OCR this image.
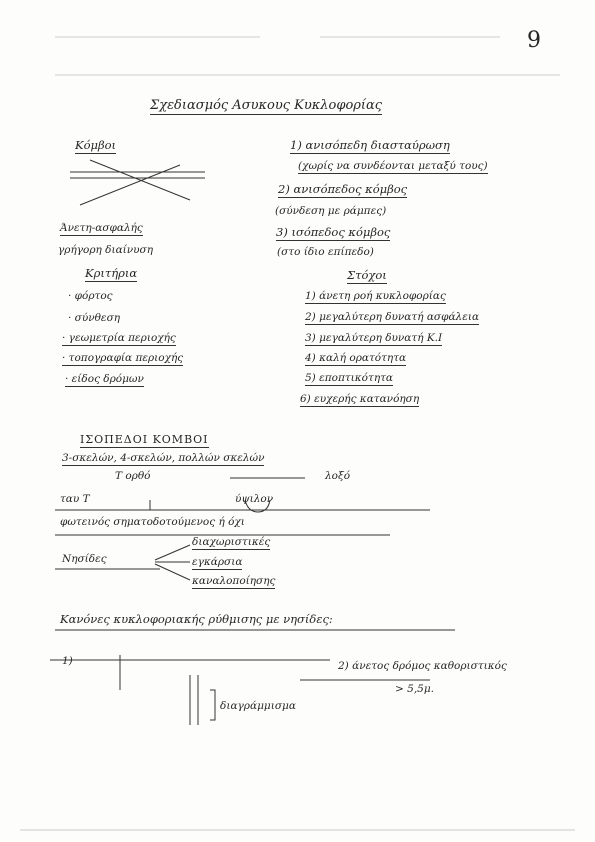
9
Σχεδιασμός Ασυκους Κυκλοφορίας
Κόμβοι
Άνετη-ασφαλής
γρήγορη διαίνυση
Κριτήρια
· φόρτος
· σύνθεση
· γεωμετρία περιοχής
· τοπογραφία περιοχής
· είδος δρόμων
1) ανισόπεδη διασταύρωση
(χωρίς να συνδέονται μεταξύ τους)
2) ανισόπεδος κόμβος
(σύνδεση με ράμπες)
3) ισόπεδος κόμβος
(στο ίδιο επίπεδο)
Στόχοι
1) άνετη ροή κυκλοφορίας
2) μεγαλύτερη δυνατή ασφάλεια
3) μεγαλύτερη δυνατή Κ.Ι
4) καλή ορατότητα
5) εποπτικότητα
6) ευχερής κατανόηση
ΙΣΟΠΕΔΟΙ ΚΟΜΒΟΙ
3-σκελών, 4-σκελών, πολλών σκελών
Τ ορθό	λοξό
ταυ Τ	ύψιλον
φωτεινός σηματοδοτούμενος ή όχι
Νησίδες
διαχωριστικές
εγκάρσια
καναλοποίησης
Κανόνες κυκλοφοριακής ρύθμισης με νησίδες:
1)	2) άνετος δρόμος καθοριστικός
> 5,5μ.
διαγράμμισμα
